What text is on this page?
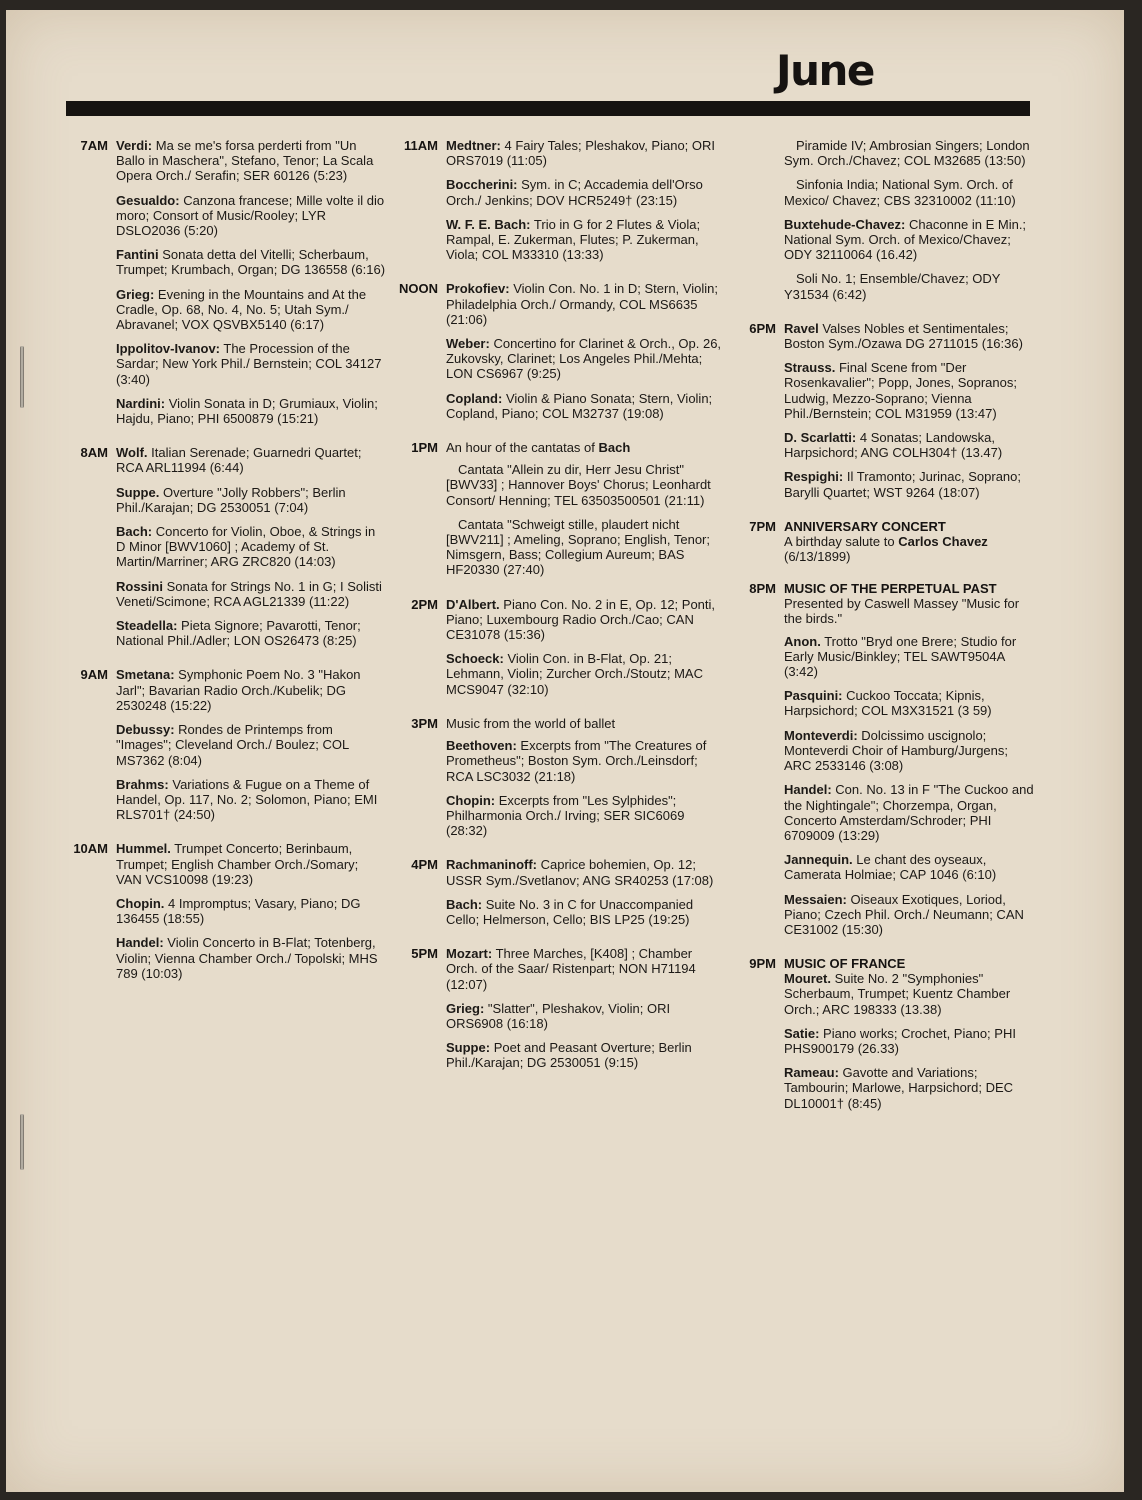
June
7AM Verdi: Ma se me's forsa perderti from "Un Ballo in Maschera", Stefano, Tenor; La Scala Opera Orch./ Serafin; SER 60126 (5:23)
Gesualdo: Canzona francese; Mille volte il dio moro; Consort of Music/Rooley; LYR DSLO2036 (5:20)
Fantini Sonata detta del Vitelli; Scherbaum, Trumpet; Krumbach, Organ; DG 136558 (6:16)
Grieg: Evening in the Mountains and At the Cradle, Op. 68, No. 4, No. 5; Utah Sym./ Abravanel; VOX QSVBX5140 (6:17)
Ippolitov-Ivanov: The Procession of the Sardar; New York Phil./ Bernstein; COL 34127 (3:40)
Nardini: Violin Sonata in D; Grumiaux, Violin; Hajdu, Piano; PHI 6500879 (15:21)
8AM Wolf. Italian Serenade; Guarnedri Quartet; RCA ARL11994 (6:44)
Suppe. Overture "Jolly Robbers"; Berlin Phil./Karajan; DG 2530051 (7:04)
Bach: Concerto for Violin, Oboe, & Strings in D Minor [BWV1060] ; Academy of St. Martin/Marriner; ARG ZRC820 (14:03)
Rossini Sonata for Strings No. 1 in G; I Solisti Veneti/Scimone; RCA AGL21339 (11:22)
Steadella: Pieta Signore; Pavarotti, Tenor; National Phil./Adler; LON OS26473 (8:25)
9AM Smetana: Symphonic Poem No. 3 "Hakon Jarl"; Bavarian Radio Orch./Kubelik; DG 2530248 (15:22)
Debussy: Rondes de Printemps from "Images"; Cleveland Orch./ Boulez; COL MS7362 (8:04)
Brahms: Variations & Fugue on a Theme of Handel, Op. 117, No. 2; Solomon, Piano; EMI RLS701† (24:50)
10AM Hummel. Trumpet Concerto; Berinbaum, Trumpet; English Chamber Orch./Somary; VAN VCS10098 (19:23)
Chopin. 4 Impromptus; Vasary, Piano; DG 136455 (18:55)
Handel: Violin Concerto in B-Flat; Totenberg, Violin; Vienna Chamber Orch./ Topolski; MHS 789 (10:03)
11AM Medtner: 4 Fairy Tales; Pleshakov, Piano; ORI ORS7019 (11:05)
Boccherini: Sym. in C; Accademia dell'Orso Orch./ Jenkins; DOV HCR5249† (23:15)
W. F. E. Bach: Trio in G for 2 Flutes & Viola; Rampal, E. Zukerman, Flutes; P. Zukerman, Viola; COL M33310 (13:33)
NOON Prokofiev: Violin Con. No. 1 in D; Stern, Violin; Philadelphia Orch./ Ormandy, COL MS6635 (21:06)
Weber: Concertino for Clarinet & Orch., Op. 26, Zukovsky, Clarinet; Los Angeles Phil./Mehta; LON CS6967 (9:25)
Copland: Violin & Piano Sonata; Stern, Violin; Copland, Piano; COL M32737 (19:08)
1PM An hour of the cantatas of Bach
Cantata "Allein zu dir, Herr Jesu Christ" [BWV33] ; Hannover Boys' Chorus; Leonhardt Consort/ Henning; TEL 63503500501 (21:11)
Cantata "Schweigt stille, plaudert nicht [BWV211] ; Ameling, Soprano; English, Tenor; Nimsgern, Bass; Collegium Aureum; BAS HF20330 (27:40)
2PM D'Albert. Piano Con. No. 2 in E, Op. 12; Ponti, Piano; Luxembourg Radio Orch./Cao; CAN CE31078 (15:36)
Schoeck: Violin Con. in B-Flat, Op. 21; Lehmann, Violin; Zurcher Orch./Stoutz; MAC MCS9047 (32:10)
3PM Music from the world of ballet
Beethoven: Excerpts from "The Creatures of Prometheus"; Boston Sym. Orch./Leinsdorf; RCA LSC3032 (21:18)
Chopin: Excerpts from "Les Sylphides"; Philharmonia Orch./ Irving; SER SIC6069 (28:32)
4PM Rachmaninoff: Caprice bohemien, Op. 12; USSR Sym./Svetlanov; ANG SR40253 (17:08)
Bach: Suite No. 3 in C for Unaccompanied Cello; Helmerson, Cello; BIS LP25 (19:25)
5PM Mozart: Three Marches, [K408] ; Chamber Orch. of the Saar/ Ristenpart; NON H71194 (12:07)
Grieg: "Slatter", Pleshakov, Violin; ORI ORS6908 (16:18)
Suppe: Poet and Peasant Overture; Berlin Phil./Karajan; DG 2530051 (9:15)
Piramide IV; Ambrosian Singers; London Sym. Orch./Chavez; COL M32685 (13:50)
Sinfonia India; National Sym. Orch. of Mexico/ Chavez; CBS 32310002 (11:10)
Buxtehude-Chavez: Chaconne in E Min.; National Sym. Orch. of Mexico/Chavez; ODY 32110064 (16.42)
Soli No. 1; Ensemble/Chavez; ODY Y31534 (6:42)
6PM Ravel Valses Nobles et Sentimentales; Boston Sym./Ozawa DG 2711015 (16:36)
Strauss. Final Scene from "Der Rosenkavalier"; Popp, Jones, Sopranos; Ludwig, Mezzo-Soprano; Vienna Phil./Bernstein; COL M31959 (13:47)
D. Scarlatti: 4 Sonatas; Landowska, Harpsichord; ANG COLH304† (13.47)
Respighi: Il Tramonto; Jurinac, Soprano; Barylli Quartet; WST 9264 (18:07)
7PM ANNIVERSARY CONCERT
A birthday salute to Carlos Chavez (6/13/1899)
8PM MUSIC OF THE PERPETUAL PAST
Presented by Caswell Massey "Music for the birds."
Anon. Trotto "Bryd one Brere; Studio for Early Music/Binkley; TEL SAWT9504A (3:42)
Pasquini: Cuckoo Toccata; Kipnis, Harpsichord; COL M3X31521 (3 59)
Monteverdi: Dolcissimo uscignolo; Monteverdi Choir of Hamburg/Jurgens; ARC 2533146 (3:08)
Handel: Con. No. 13 in F "The Cuckoo and the Nightingale"; Chorzempa, Organ, Concerto Amsterdam/Schroder; PHI 6709009 (13:29)
Jannequin. Le chant des oyseaux, Camerata Holmiae; CAP 1046 (6:10)
Messaien: Oiseaux Exotiques, Loriod, Piano; Czech Phil. Orch./ Neumann; CAN CE31002 (15:30)
9PM MUSIC OF FRANCE
Mouret. Suite No. 2 "Symphonies" Scherbaum, Trumpet; Kuentz Chamber Orch.; ARC 198333 (13.38)
Satie: Piano works; Crochet, Piano; PHI PHS900179 (26.33)
Rameau: Gavotte and Variations; Tambourin; Marlowe, Harpsichord; DEC DL10001† (8:45)
